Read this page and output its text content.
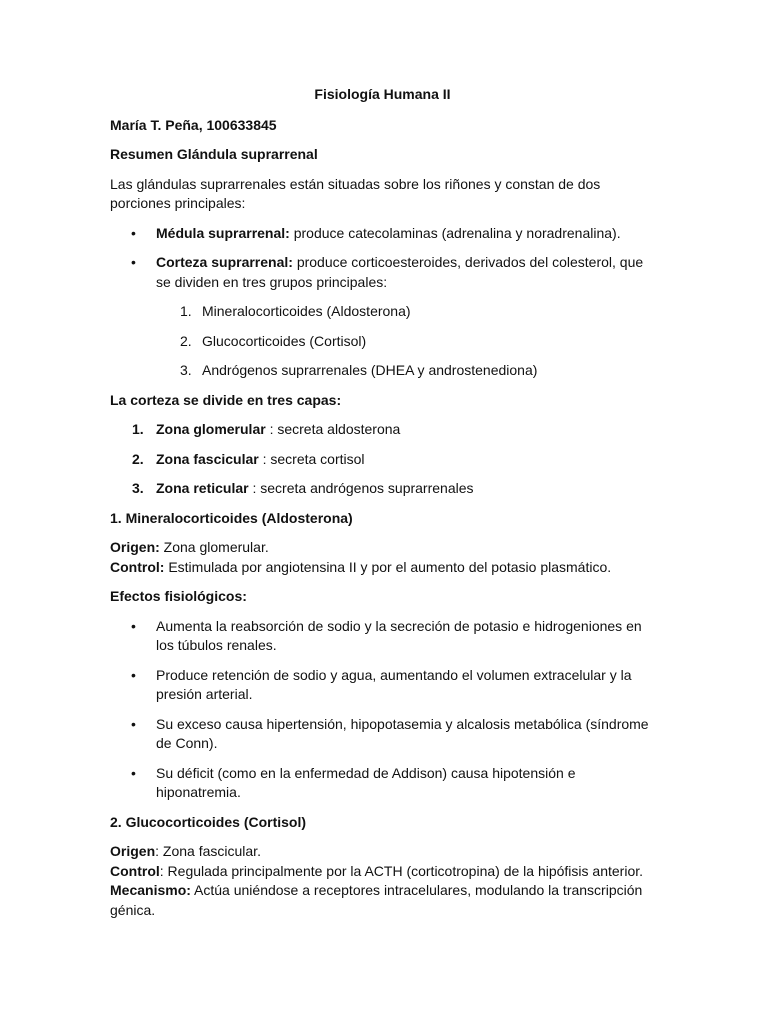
Fisiología Humana II

María T. Peña, 100633845

Resumen Glándula suprarrenal

Las glándulas suprarrenales están situadas sobre los riñones y constan de dos porciones principales:

• Médula suprarrenal: produce catecolaminas (adrenalina y noradrenalina).
• Corteza suprarrenal: produce corticoesteroides, derivados del colesterol, que se dividen en tres grupos principales:
1. Mineralocorticoides (Aldosterona)
2. Glucocorticoides (Cortisol)
3. Andrógenos suprarrenales (DHEA y androstenediona)

La corteza se divide en tres capas:

1. Zona glomerular : secreta aldosterona
2. Zona fascicular : secreta cortisol
3. Zona reticular : secreta andrógenos suprarrenales

1. Mineralocorticoides (Aldosterona)

Origen: Zona glomerular.

Control: Estimulada por angiotensina II y por el aumento del potasio plasmático.

Efectos fisiológicos:

• Aumenta la reabsorción de sodio y la secreción de potasio e hidrogeniones en los túbulos renales.
• Produce retención de sodio y agua, aumentando el volumen extracelular y la presión arterial.
• Su exceso causa hipertensión, hipopotasemia y alcalosis metabólica (síndrome de Conn).
• Su déficit (como en la enfermedad de Addison) causa hipotensión e hiponatremia.

2. Glucocorticoides (Cortisol)

Origen: Zona fascicular.

Control: Regulada principalmente por la ACTH (corticotropina) de la hipófisis anterior.

Mecanismo: Actúa uniéndose a receptores intracelulares, modulando la transcripción génica.
